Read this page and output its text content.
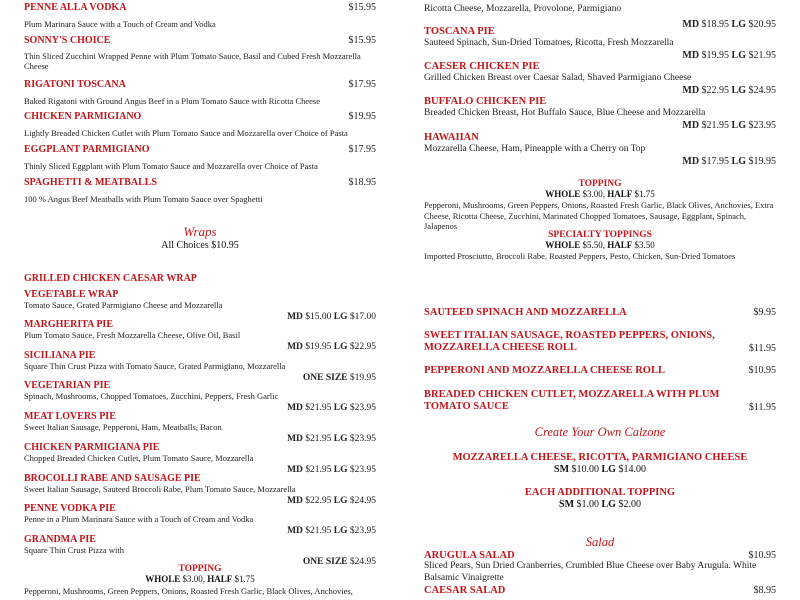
PENNE ALLA VODKA	$15.95
Plum Marinara Sauce with a Touch of Cream and Vodka
SONNY'S CHOICE	$15.95
Thin Sliced Zucchini Wrapped Penne with Plum Tomato Sauce, Basil and Cubed Fresh Mozzarella Cheese
RIGATONI TOSCANA	$17.95
Baked Rigatoni with Ground Angus Beef in a Plum Tomato Sauce with Ricotta Cheese
CHICKEN PARMIGIANO	$19.95
Lightly Breaded Chicken Cutlet with Plum Tomato Sauce and Mozzarella over Choice of Pasta
EGGPLANT PARMIGIANO	$17.95
Thinly Sliced Eggplant with Plum Tomato Sauce and Mozzarella over Choice of Pasta
SPAGHETTI & MEATBALLS	$18.95
100 % Angus Beef Meatballs with Plum Tomato Sauce over Spaghetti
Wraps
All Choices $10.95
GRILLED CHICKEN CAESAR WRAP
VEGETABLE WRAP
Tomato Sauce, Grated Parmigiano Cheese and Mozzarella
MD $15.00 LG $17.00
MARGHERITA PIE
Plum Tomato Sauce, Fresh Mozzarella Cheese, Olive Oil, Basil
MD $19.95 LG $22.95
SICILIANA PIE
Square Thin Crust Pizza with Tomato Sauce, Grated Parmigiano, Mozzarella
ONE SIZE $19.95
VEGETARIAN PIE
Spinach, Mushrooms, Chopped Tomatoes, Zucchini, Peppers, Fresh Garlic
MD $21.95 LG $23.95
MEAT LOVERS PIE
Sweet Italian Sausage, Pepperoni, Ham, Meatballs, Bacon
MD $21.95 LG $23.95
CHICKEN PARMIGIANA PIE
Chopped Breaded Chicken Cutlet, Plum Tomato Sauce, Mozzarella
MD $21.95 LG $23.95
BROCOLLI RABE AND SAUSAGE PIE
Sweet Italian Sausage, Sauteed Broccoli Rabe, Plum Tomato Sauce, Mozzarella
MD $22.95 LG $24.95
PENNE VODKA PIE
Penne in a Plum Marinara Sauce with a Touch of Cream and Vodka
MD $21.95 LG $23.95
GRANDMA PIE
Square Thin Crust Pizza with
ONE SIZE $24.95
TOPPING
WHOLE $3.00, HALF $1.75
Pepperoni, Mushrooms, Green Peppers, Onions, Roasted Fresh Garlic, Black Olives, Anchovies,
Ricotta Cheese, Mozzarella, Provolone, Parmigiano
MD $18.95 LG $20.95
TOSCANA PIE
Sauteed Spinach, Sun-Dried Tomatoes, Ricotta, Fresh Mozzarella
MD $19.95 LG $21.95
CAESER CHICKEN PIE
Grilled Chicken Breast over Caesar Salad, Shaved Parmigiano Cheese
MD $22.95 LG $24.95
BUFFALO CHICKEN PIE
Breaded Chicken Breast, Hot Buffalo Sauce, Blue Cheese and Mozzarella
MD $21.95 LG $23.95
HAWAIIAN
Mozzarella Cheese, Ham, Pineapple with a Cherry on Top
MD $17.95 LG $19.95
TOPPING
WHOLE $3.00, HALF $1.75
Pepperoni, Mushrooms, Green Peppers, Onions, Roasted Fresh Garlic, Black Olives, Anchovies, Extra Cheese, Ricotta Cheese, Zucchini, Marinated Chopped Tomatoes, Sausage, Eggplant, Spinach, Jalapenos
SPECIALTY TOPPINGS
WHOLE $5.50, HALF $3.50
Imported Prosciutto, Broccoli Rabe, Roasted Peppers, Pesto, Chicken, Sun-Dried Tomatoes
SAUTEED SPINACH AND MOZZARELLA	$9.95
SWEET ITALIAN SAUSAGE, ROASTED PEPPERS, ONIONS, MOZZARELLA CHEESE ROLL	$11.95
PEPPERONI AND MOZZARELLA CHEESE ROLL	$10.95
BREADED CHICKEN CUTLET, MOZZARELLA WITH PLUM TOMATO SAUCE	$11.95
Create Your Own Calzone
MOZZARELLA CHEESE, RICOTTA, PARMIGIANO CHEESE
SM $10.00 LG $14.00
EACH ADDITIONAL TOPPING
SM $1.00 LG $2.00
Salad
ARUGULA SALAD	$10.95
Sliced Pears, Sun Dried Cranberries, Crumbled Blue Cheese over Baby Arugula. White Balsamic Vinaigrette
CAESAR SALAD	$8.95
